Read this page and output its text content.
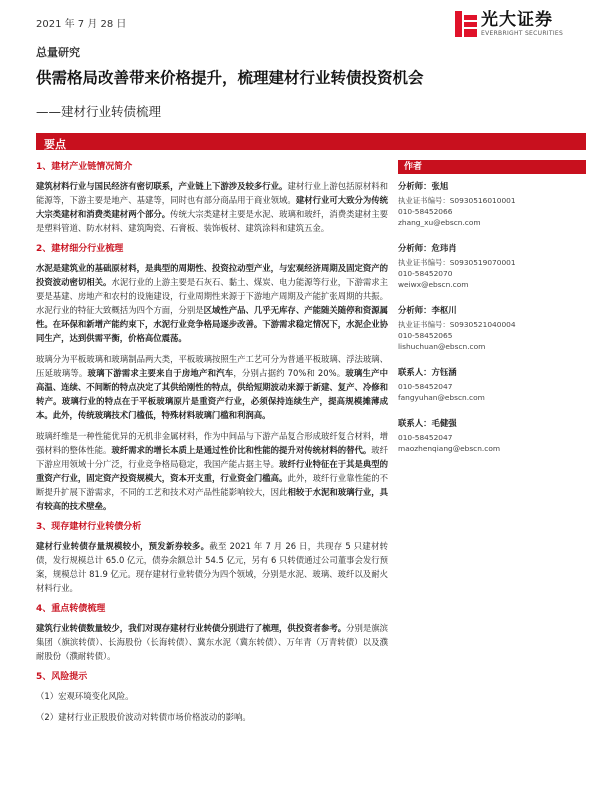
2021 年 7 月 28 日	光大证券
EVERBRIGHT SECURITIES
总量研究
供需格局改善带来价格提升，梳理建材行业转债投资机会
——建材行业转债梳理
要点
1、建材产业链情况简介
建筑材料行业与国民经济有密切联系，产业链上下游涉及较多行业。建材行业上游包括原材料和能源等，下游主要是地产、基建等，同时也有部分商品用于商业领域。建材行业可大致分为传统大宗类建材和消费类建材两个部分。传统大宗类建材主要是水泥、玻璃和玻纤，消费类建材主要是塑料管道、防水材料、建筑陶瓷、石膏板、装饰板材、建筑涂料和建筑五金。
2、建材细分行业梳理
水泥是建筑业的基础原材料，是典型的周期性、投资拉动型产业，与宏观经济周期及固定资产的投资波动密切相关。水泥行业的上游主要是石灰石、黏土、煤炭、电力能源等行业，下游需求主要是基建、房地产和农村的设施建设，行业周期性来源于下游地产周期及产能扩张周期的共振。水泥行业的特征大致概括为四个方面，分别是区域性产品、几乎无库存、产能随关随停和资源属性。在环保和新增产能约束下，水泥行业竞争格局逐步改善。下游需求稳定情况下，水泥企业协同生产，达到供需平衡，价格高位震荡。
玻璃分为平板玻璃和玻璃制品两大类，平板玻璃按照生产工艺可分为普通平板玻璃、浮法玻璃、压延玻璃等。玻璃下游需求主要来自于房地产和汽车，分别占据约 70%和 20%。玻璃生产中高温、连续、不间断的特点决定了其供给刚性的特点，供给短期波动来源于新建、复产、冷修和转产。玻璃行业的特点在于平板玻璃原片是重资产行业，必须保持连续生产，提高规模摊薄成本。此外，传统玻璃技术门槛低，特殊材料玻璃门槛和利润高。
玻璃纤维是一种性能优异的无机非金属材料，作为中间品与下游产品复合形成玻纤复合材料，增强材料的整体性能。玻纤需求的增长本质上是通过性价比和性能的提升对传统材料的替代。玻纤下游应用领域十分广泛，行业竞争格局稳定，我国产能占据主导。玻纤行业特征在于其是典型的重资产行业，固定资产投资规模大，资本开支重，行业资金门槛高。此外，玻纤行业靠性能的不断提升扩展下游需求，不同的工艺和技术对产品性能影响较大，因此相较于水泥和玻璃行业，具有较高的技术壁垒。
3、现存建材行业转债分析
建材行业转债存量规模较小，预发新券较多。截至 2021 年 7 月 26 日，共现存 5 只建材转债，发行规模总计 65.0 亿元，债券余额总计 54.5 亿元，另有 6 只转债通过公司董事会发行预案，规模总计 81.9 亿元。现存建材行业转债分为四个领域，分别是水泥、玻璃、玻纤以及耐火材料行业。
4、重点转债梳理
建筑行业转债数量较少，我们对现存建材行业转债分别进行了梳理，供投资者参考。分别是旗滨集团（旗滨转债）、长海股份（长海转债）、冀东水泥（冀东转债）、万年青（万青转债）以及濮耐股份（濮耐转债）。
5、风险提示
（1）宏观环境变化风险。
（2）建材行业正股股价波动对转债市场价格波动的影响。
作者
分析师：张旭
执业证书编号：S0930516010001
010-58452066
zhang_xu@ebscn.com
分析师：危玮肖
执业证书编号：S0930519070001
010-58452070
weiwx@ebscn.com
分析师：李枢川
执业证书编号：S0930521040004
010-58452065
lishuchuan@ebscn.com
联系人：方钰涵
010-58452047
fangyuhan@ebscn.com
联系人：毛健强
010-58452047
maozhenqiang@ebscn.com
